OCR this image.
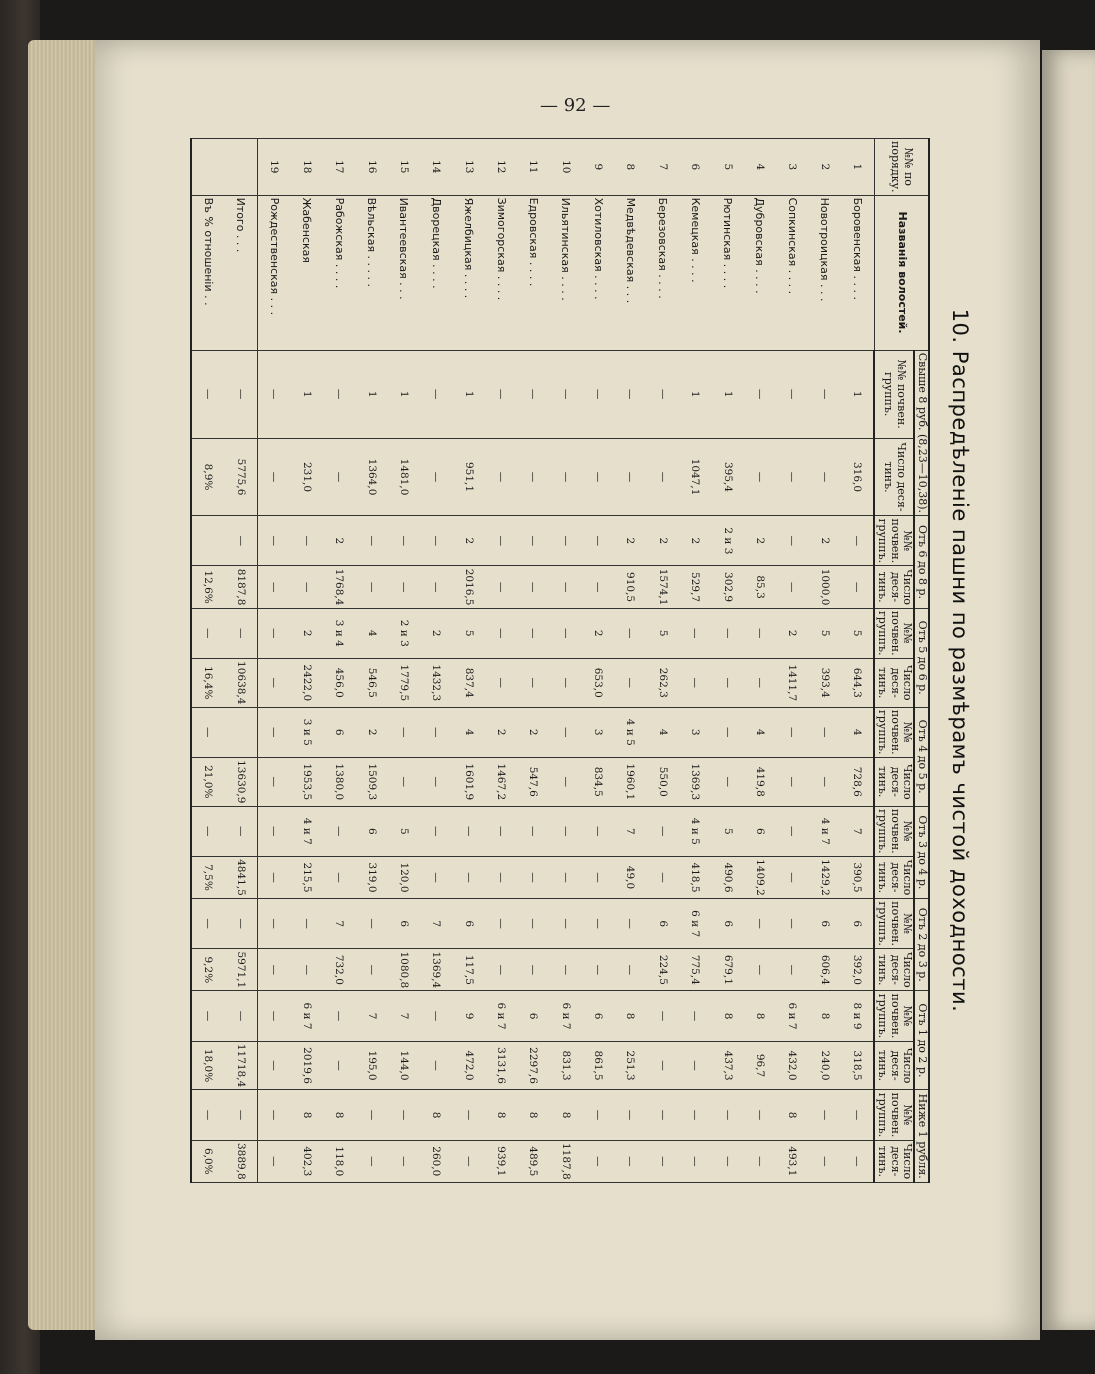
— 92 —
10. Распредѣленіе пашни по размѣрамъ чистой доходности.
№№ по порядку.	Названія волостей.	Свыше 8 руб. (8,23—10,38).		Отъ 6 до 8 р.		Отъ 5 до 6 р.		Отъ 4 до 5 р.		Отъ 3 до 4 р.		Отъ 2 до 3 р.		Отъ 1 до 2 р.		Ниже 1 рубля.	
		№№ почвен. группъ.	Число деся- тинъ.	№№ почвен. группъ.	Число деся- тинъ.	№№ почвен. группъ.	Число деся- тинъ.	№№ почвен. группъ.	Число деся- тинъ.	№№ почвен. группъ.	Число деся- тинъ.	№№ почвен. группъ.	Число деся- тинъ.	№№ почвен. группъ.	Число деся- тинъ.	№№ почвен. группъ.	Число деся- тинъ.
1	Боровенская . . . .	1	316,0	—	—	5	644,3	4	728,6	7	390,5	6	392,0	8 и 9	318,5	—	—
2	Новотроицкая . . .	—	—	2	1000,0	5	393,4	—	—	4 и 7	1429,2	6	606,4	8	240,0	—	—
3	Сопкинская . . . .	—	—	—	—	2	1411,7	—	—	—	—	—	—	6 и 7	432,0	8	493,1
4	Дубровская . . . .	—	—	2	85,3	—	—	4	419,8	6	1409,2	—	—	8	96,7	—	—
5	Рютинская . . . .	1	395,4	2 и 3	302,9	—	—	—	—	5	490,6	6	679,1	8	437,3	—	—
6	Кемецкая . . . .	1	1047,1	2	529,7	—	—	3	1369,3	4 и 5	418,5	6 и 7	775,4	—	—	—	—
7	Березовская . . . .	—	—	2	1574,1	5	262,3	4	550,0	—	—	6	224,5	—	—	—	—
8	Медвѣдевская . . .	—	—	2	910,5	—	—	4 и 5	1960,1	7	49,0	—	—	8	251,3	—	—
9	Хотиловская . . . .	—	—	—	—	2	653,0	3	834,5	—	—	—	—	6	861,5	—	—
10	Ильятинская . . . .	—	—	—	—	—	—	—	—	—	—	—	—	6 и 7	831,3	8	1187,8
11	Едровская . . . .	—	—	—	—	—	—	2	547,6	—	—	—	—	6	2297,6	8	489,5
12	Зимогорская . . . .	—	—	—	—	—	—	2	1467,2	—	—	—	—	6 и 7	3131,6	8	939,1
13	Яжелбицкая . . . .	1	951,1	2	2016,5	5	837,4	4	1601,9	—	—	6	117,5	9	472,0	—	—
14	Дворецкая . . . .	—	—	—	—	2	1432,3	—	—	—	—	7	1369,4	—	—	8	260,0
15	Ивантеевская . . .	1	1481,0	—	—	2 и 3	1779,5	—	—	5	120,0	6	1080,8	7	144,0	—	—
16	Вѣльская . . . . .	1	1364,0	—	—	4	546,5	2	1509,3	6	319,0	—	—	7	195,0	—	—
17	Рабожская . . . .	—	—	2	1768,4	3 и 4	456,0	6	1380,0	—	—	7	732,0	—	—	8	118,0
18	Жабенская	1	231,0	—	—	2	2422,0	3 и 5	1953,5	4 и 7	215,5	—	—	6 и 7	2019,6	8	402,3
19	Рождественская . . .	—	—	—	—	—	—	—	—	—	—	—	—	—	—	—	—
	Итого . . .	—	5775,6	—	8187,8	—	10638,4		13630,9	—	4841,5	—	5971,1	—	11718,4	—	3889,8
	Въ % отношеніи . .	—	8,9%		12,6%	—	16,4%	—	21,0%	—	7,5%	—	9,2%	—	18,0%	—	6,0%
